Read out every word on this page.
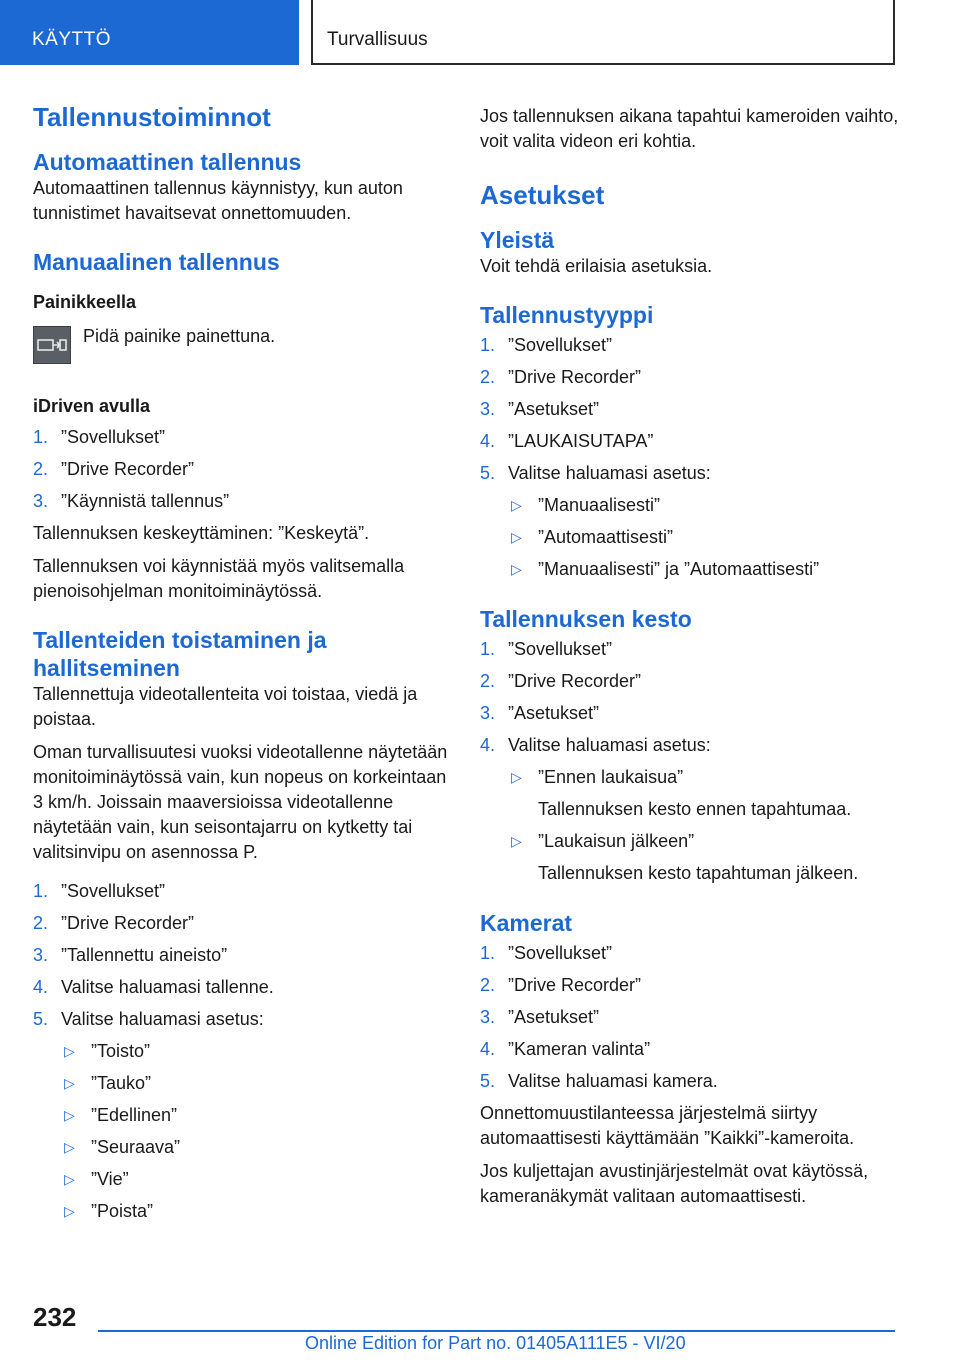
KÄYTTÖ	Turvallisuus
Tallennustoiminnot
Automaattinen tallennus

Automaattinen tallennus käynnistyy, kun auton tunnistimet havaitsevat onnettomuuden.

Manuaalinen tallennus
Painikkeella

Pidä painike painettuna.

iDriven avulla
1. ”Sovellukset”
2. ”Drive Recorder”
3. ”Käynnistä tallennus”

Tallennuksen keskeyttäminen: ”Keskeytä”.

Tallennuksen voi käynnistää myös valitsemalla pienoisohjelman monitoiminäytössä.

Tallenteiden toistaminen ja hallitseminen

Tallennettuja videotallenteita voi toistaa, viedä ja poistaa.

Oman turvallisuutesi vuoksi videotallenne näytetään monitoiminäytössä vain, kun nopeus on korkeintaan 3 km/h. Joissain maaversioissa videotallenne näytetään vain, kun seisontajarru on kytketty tai valitsinvipu on asennossa P.

1. ”Sovellukset”
2. ”Drive Recorder”
3. ”Tallennettu aineisto”
4. Valitse haluamasi tallenne.
5. Valitse haluamasi asetus:
▷ ”Toisto”
▷ ”Tauko”
▷ ”Edellinen”
▷ ”Seuraava”
▷ ”Vie”
▷ ”Poista”

Jos tallennuksen aikana tapahtui kameroiden vaihto, voit valita videon eri kohtia.

Asetukset
Yleistä

Voit tehdä erilaisia asetuksia.

Tallennustyyppi
1. ”Sovellukset”
2. ”Drive Recorder”
3. ”Asetukset”
4. ”LAUKAISUTAPA”
5. Valitse haluamasi asetus:
▷ ”Manuaalisesti”
▷ ”Automaattisesti”
▷ ”Manuaalisesti” ja ”Automaattisesti”
Tallennuksen kesto
1. ”Sovellukset”
2. ”Drive Recorder”
3. ”Asetukset”
4. Valitse haluamasi asetus:
▷ ”Ennen laukaisua”
Tallennuksen kesto ennen tapahtumaa.
▷ ”Laukaisun jälkeen”
Tallennuksen kesto tapahtuman jälkeen.
Kamerat
1. ”Sovellukset”
2. ”Drive Recorder”
3. ”Asetukset”
4. ”Kameran valinta”
5. Valitse haluamasi kamera.

Onnettomuustilanteessa järjestelmä siirtyy automaattisesti käyttämään ”Kaikki”-kameroita.

Jos kuljettajan avustinjärjestelmät ovat käytössä, kameranäkymät valitaan automaattisesti.

232
Online Edition for Part no. 01405A111E5 - VI/20
